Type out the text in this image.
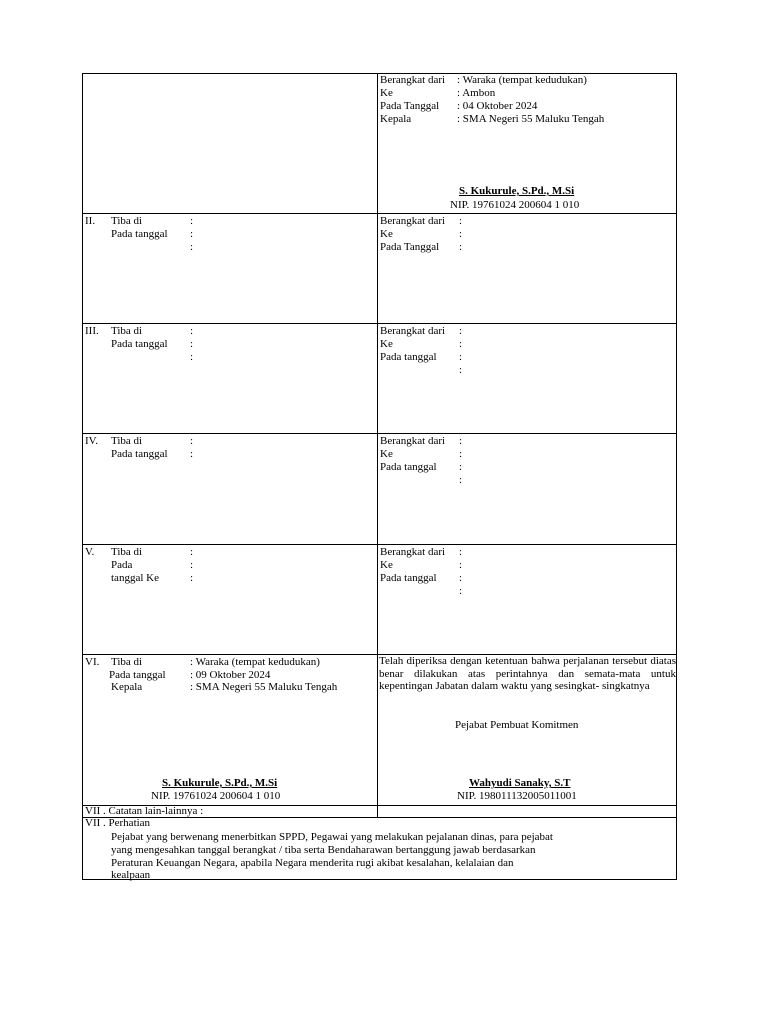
Berangkat dari : Waraka (tempat kedudukan)
Ke	: Ambon
Pada Tanggal : 04 Oktober 2024
Kepala	: SMA Negeri 55 Maluku Tengah
S. Kukurule, S.Pd., M.Si
NIP. 19761024 200604 1 010
II. Tiba di	:
Pada tanggal :
:
Berangkat dari :
Ke	:
Pada Tanggal :
III. Tiba di	:
Pada tanggal :
:
Berangkat dari :
Ke	:
Pada tanggal :
:
IV. Tiba di	:
Pada tanggal :
Berangkat dari :
Ke	:
Pada tanggal :
:
V. Tiba di	:
Pada	:
tanggal Ke	:
Berangkat dari :
Ke	:
Pada tanggal :
:
VI. Tiba di	: Waraka (tempat kedudukan)
Pada tanggal : 09 Oktober 2024
Kepala	: SMA Negeri 55 Maluku Tengah
S. Kukurule, S.Pd., M.Si
NIP. 19761024 200604 1 010
Telah diperiksa dengan ketentuan bahwa perjalanan tersebut diatas benar dilakukan atas perintahnya dan semata-mata untuk kepentingan Jabatan dalam waktu yang sesingkat- singkatnya
Pejabat Pembuat Komitmen
Wahyudi Sanaky, S.T
NIP. 198011132005011001
VII . Catatan lain-lainnya :
VII . Perhatian
Pejabat yang berwenang menerbitkan SPPD, Pegawai yang melakukan pejalanan dinas, para pejabat
yang mengesahkan tanggal berangkat / tiba serta Bendaharawan bertanggung jawab berdasarkan
Peraturan Keuangan Negara, apabila Negara menderita rugi akibat kesalahan, kelalaian dan
kealpaan
